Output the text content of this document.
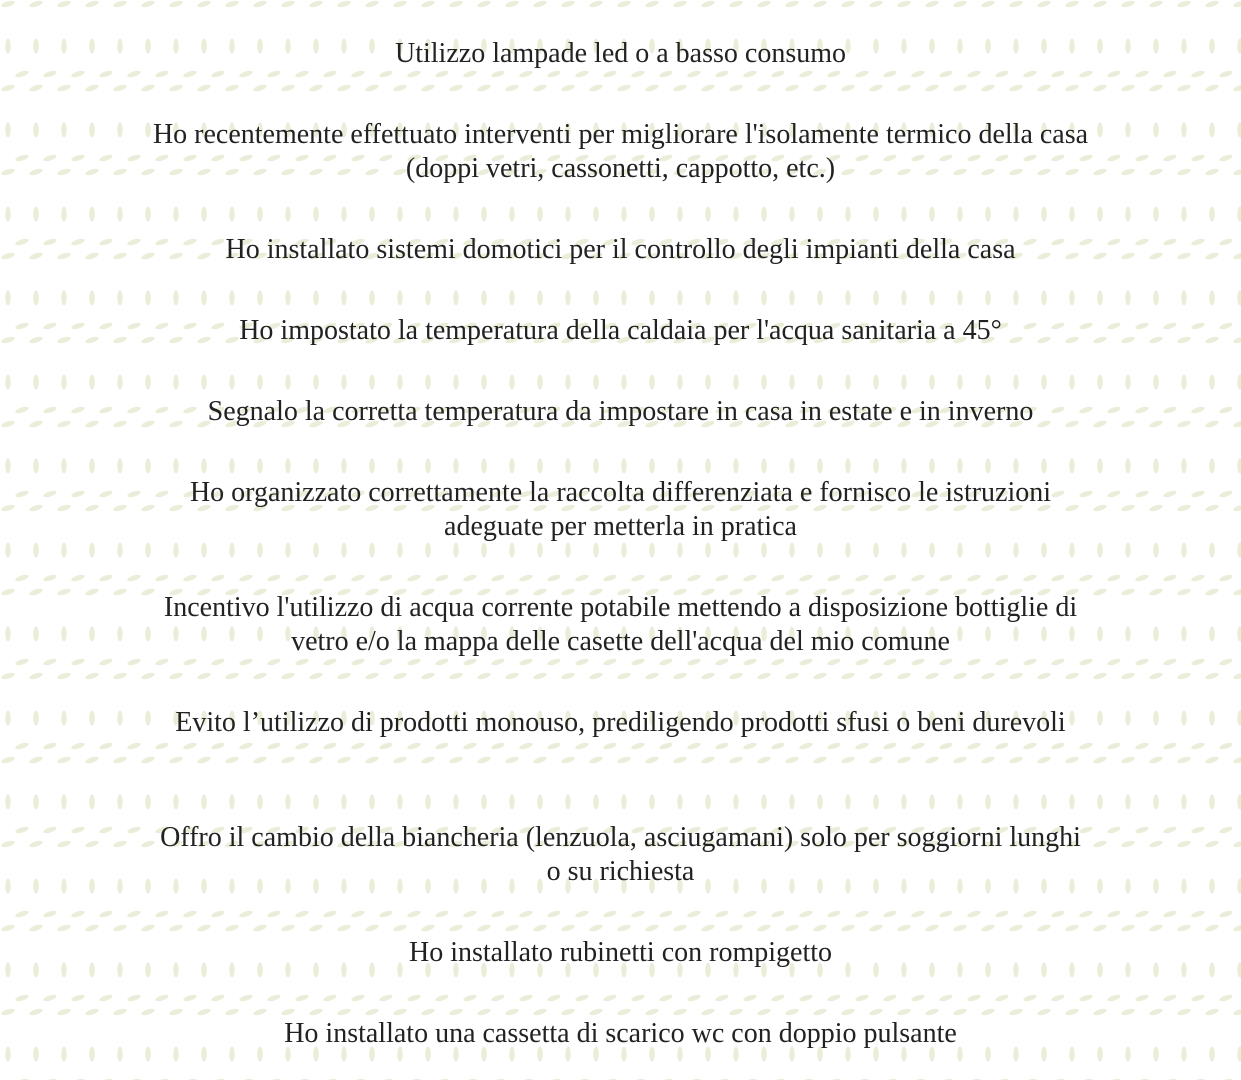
Utilizzo lampade led o a basso consumo

Ho recentemente effettuato interventi per migliorare l'isolamente termico della casa (doppi vetri, cassonetti, cappotto, etc.)

Ho installato sistemi domotici per il controllo degli impianti della casa

Ho impostato la temperatura della caldaia per l'acqua sanitaria a 45°

Segnalo la corretta temperatura da impostare in casa in estate e in inverno

Ho organizzato correttamente la raccolta differenziata e fornisco le istruzioni adeguate per metterla in pratica

Incentivo l'utilizzo di acqua corrente potabile mettendo a disposizione bottiglie di vetro e/o la mappa delle casette dell'acqua del mio comune

Evito l’utilizzo di prodotti monouso, prediligendo prodotti sfusi o beni durevoli

Offro il cambio della biancheria (lenzuola, asciugamani) solo per soggiorni lunghi o su richiesta

Ho installato rubinetti con rompigetto

Ho installato una cassetta di scarico wc con doppio pulsante
